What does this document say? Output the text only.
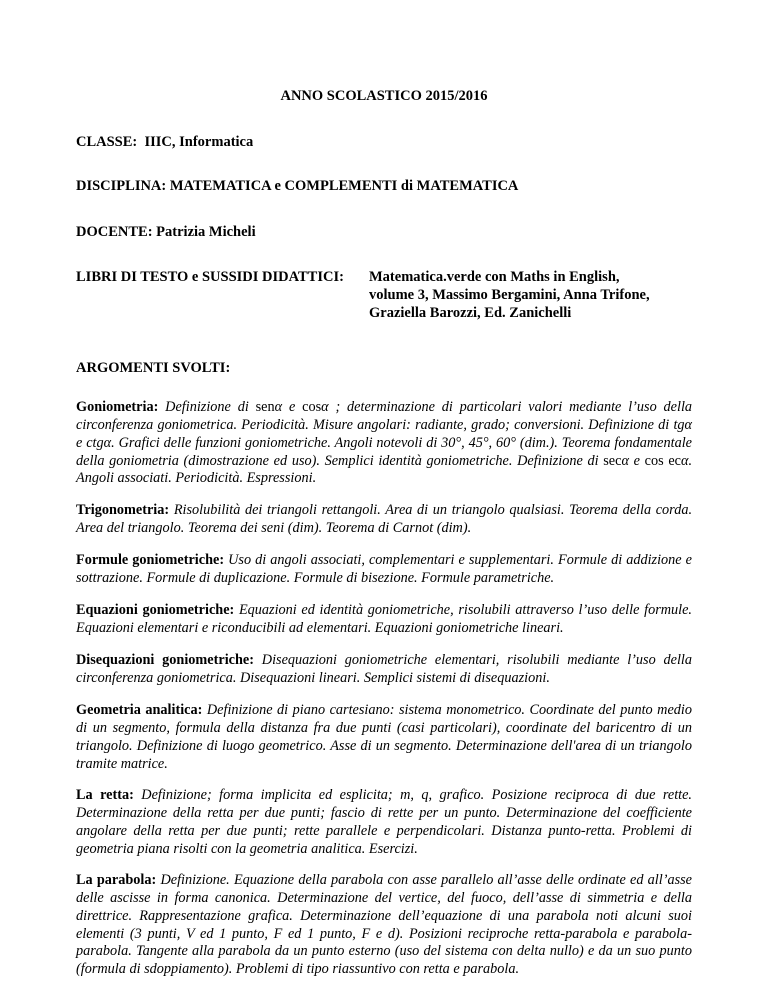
ANNO SCOLASTICO 2015/2016
CLASSE: IIIC, Informatica
DISCIPLINA: MATEMATICA e COMPLEMENTI di MATEMATICA
DOCENTE: Patrizia Micheli
LIBRI DI TESTO e SUSSIDI DIDATTICI:	Matematica.verde con Maths in English,
volume 3, Massimo Bergamini, Anna Trifone,
Graziella Barozzi, Ed. Zanichelli
ARGOMENTI SVOLTI:
Goniometria: Definizione di senα e cosα ; determinazione di particolari valori mediante l’uso della circonferenza goniometrica. Periodicità. Misure angolari: radiante, grado; conversioni. Definizione di tgα e ctgα. Grafici delle funzioni goniometriche. Angoli notevoli di 30°, 45°, 60° (dim.). Teorema fondamentale della goniometria (dimostrazione ed uso). Semplici identità goniometriche. Definizione di secα e cos ecα. Angoli associati. Periodicità. Espressioni.
Trigonometria: Risolubilità dei triangoli rettangoli. Area di un triangolo qualsiasi. Teorema della corda. Area del triangolo. Teorema dei seni (dim). Teorema di Carnot (dim).
Formule goniometriche: Uso di angoli associati, complementari e supplementari. Formule di addizione e sottrazione. Formule di duplicazione. Formule di bisezione. Formule parametriche.
Equazioni goniometriche: Equazioni ed identità goniometriche, risolubili attraverso l’uso delle formule. Equazioni elementari e riconducibili ad elementari. Equazioni goniometriche lineari.
Disequazioni goniometriche: Disequazioni goniometriche elementari, risolubili mediante l’uso della circonferenza goniometrica. Disequazioni lineari. Semplici sistemi di disequazioni.
Geometria analitica: Definizione di piano cartesiano: sistema monometrico. Coordinate del punto medio di un segmento, formula della distanza fra due punti (casi particolari), coordinate del baricentro di un triangolo. Definizione di luogo geometrico. Asse di un segmento. Determinazione dell'area di un triangolo tramite matrice.
La retta: Definizione; forma implicita ed esplicita; m, q, grafico. Posizione reciproca di due rette. Determinazione della retta per due punti; fascio di rette per un punto. Determinazione del coefficiente angolare della retta per due punti; rette parallele e perpendicolari. Distanza punto-retta. Problemi di geometria piana risolti con la geometria analitica. Esercizi.
La parabola: Definizione. Equazione della parabola con asse parallelo all’asse delle ordinate ed all’asse delle ascisse in forma canonica. Determinazione del vertice, del fuoco, dell’asse di simmetria e della direttrice. Rappresentazione grafica. Determinazione dell’equazione di una parabola noti alcuni suoi elementi (3 punti, V ed 1 punto, F ed 1 punto, F e d). Posizioni reciproche retta-parabola e parabola-parabola. Tangente alla parabola da un punto esterno (uso del sistema con delta nullo) e da un suo punto (formula di sdoppiamento). Problemi di tipo riassuntivo con retta e parabola.
